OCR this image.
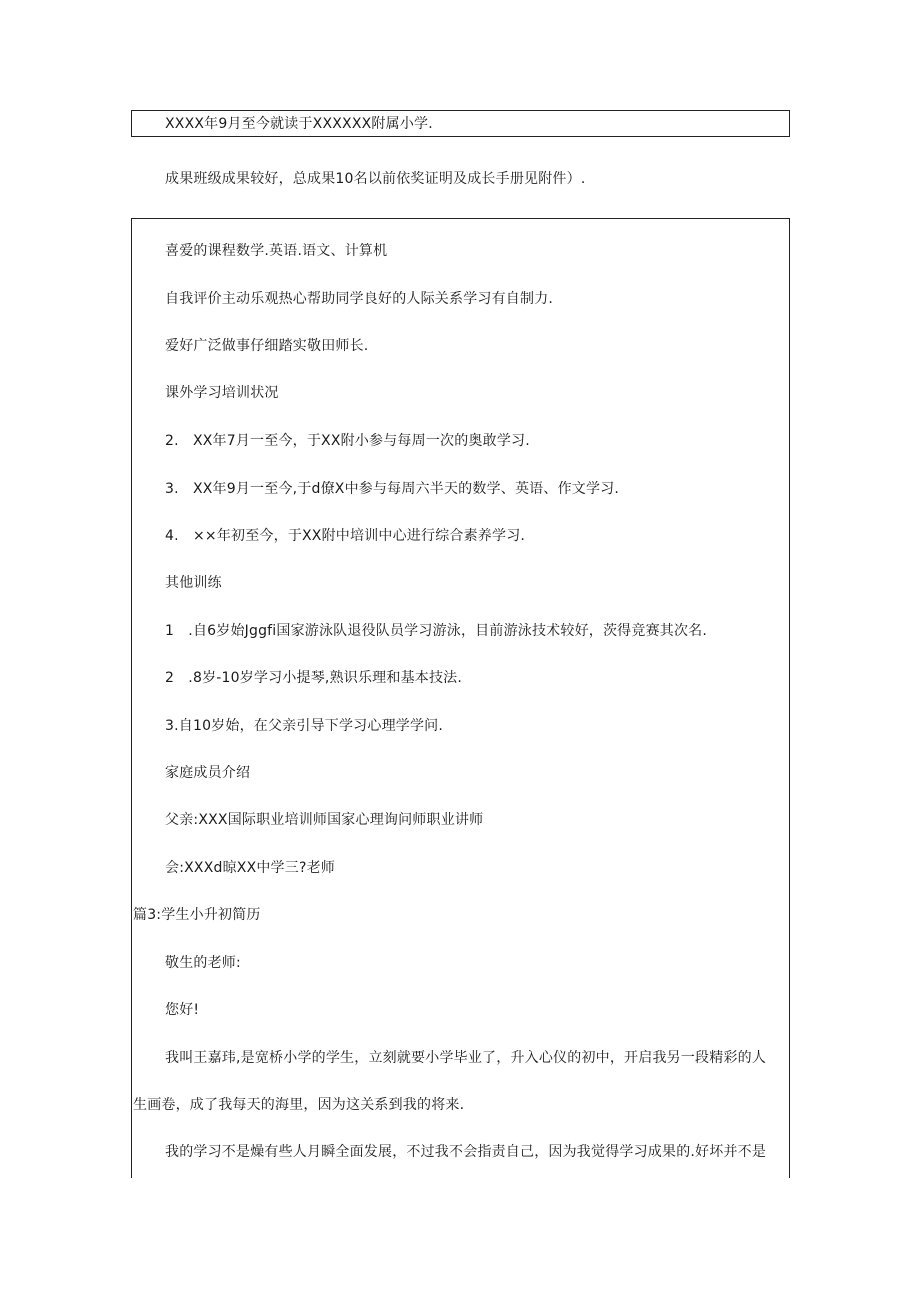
XXXX年9月至今就读于XXXXXX附属小学.
成果班级成果较好，总成果10名以前依奖证明及成长手册见附件）.
喜爱的课程数学.英语.语文、计算机
自我评价主动乐观热心帮助同学良好的人际关系学习有自制力.
爱好广泛做事仔细踏实敬田师长.
课外学习培训状况
2.　XX年7月一至今，于XX附小参与每周一次的奥敢学习.
3.　XX年9月一至今,于d僚X中参与每周六半天的数学、英语、作文学习.
4.　××年初至今，于XX附中培训中心进行综合素养学习.
其他训练
1　.自6岁始Jggfi国家游泳队退役队员学习游泳，目前游泳技术较好，茨得竞赛其次名.
2　.8岁-10岁学习小提琴,熟识乐理和基本技法.
3.自10岁始，在父亲引导下学习心理学学问.
家庭成员介绍
父亲:XXX国际职业培训师国家心理询问师职业讲师
会:XXXd晾XX中学三?老师
篇3:学生小升初简历
敬生的老师:
您好!
我叫王嘉玮,是宽桥小学的学生，立刻就要小学毕业了，升入心仪的初中，开启我另一段精彩的人
生画卷，成了我每天的海里，因为这关系到我的将来.
我的学习不是燥有些人月瞬全面发展，不过我不会指责自己，因为我觉得学习成果的.好坏并不是
